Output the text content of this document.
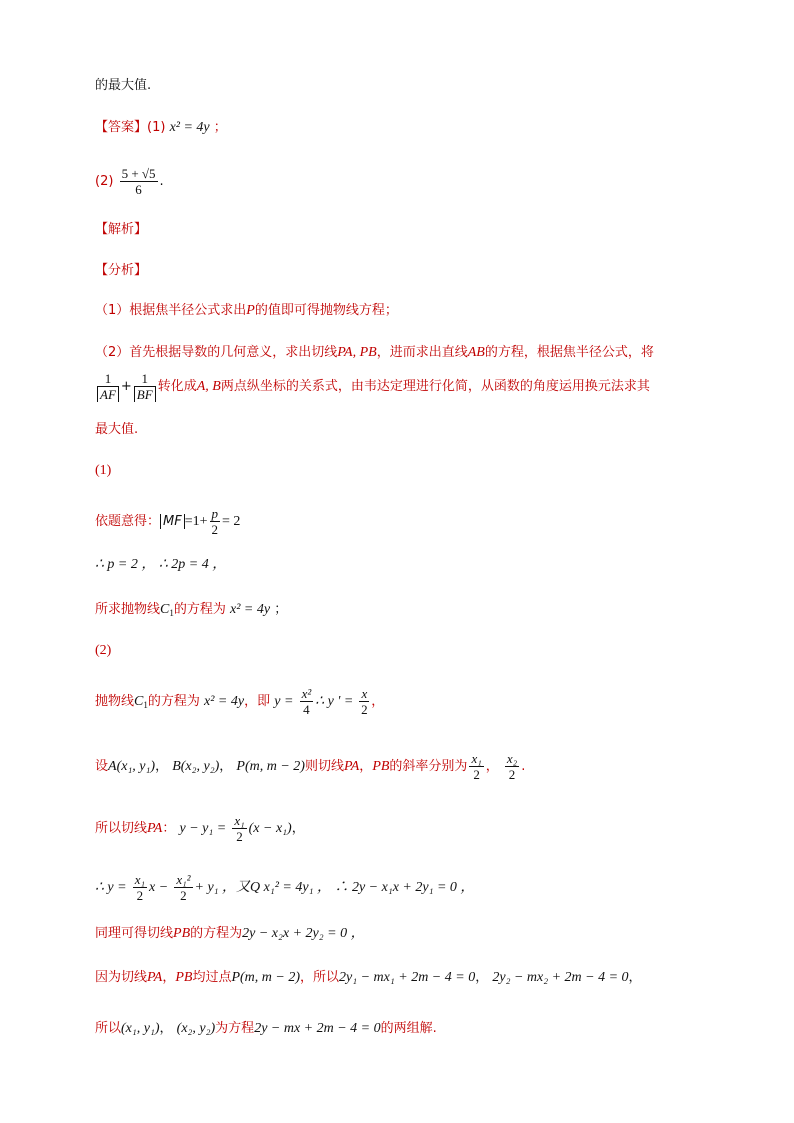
的最大值.
【答案】(1) x² = 4y ；
$(2) \frac{5 + √5}{6}$ .
【解析】
【分析】
（1）根据焦半径公式求出P的值即可得抛物线方程；
（2）首先根据导数的几何意义，求出切线PA, PB，进而求出直线AB的方程，根据焦半径公式，将
$\frac{1}{AF} + \frac{1}{BF}$ 转化成A, B两点纵坐标的关系式，由韦达定理进行化简，从函数的角度运用换元法求其
最大值.
(1)
依题意得： MF $=1+ \frac{p}{2} = 2$
∴ p = 2 ， ∴ 2p = 4 ，
所求抛物线$C_1$的方程为 x² = 4y ；
(2)
抛物线$C_1$的方程为 x² = 4y，即 $y = \frac{\text{x²}}{4}$ ∴ y ' = $\frac{x}{2}$ ，
设A(x₁, y₁)， B(x₂, y₂)， P(m, m − 2)则切线PA，PB的斜率分别为 $\frac{\text{x₁}}{2}$ ， $\frac{\text{x₂}}{2}$ .
所以切线PA： $y - y_1 = \frac{\text{x₁}}{2} (x - x_1)$，
∴ $y = \frac{\text{x₁}}{2}$ $x - \frac{\text{x₁²}}{2} + y_1$ ，又Q x₁² = 4y₁ ， ∴ 2y − x₁x + 2y₁ = 0 ，
同理可得切线PB的方程为2y − x₂x + 2y₂ = 0 ，
因为切线PA，PB均过点P(m, m − 2)，所以2y₁ − mx₁ + 2m − 4 = 0， 2y₂ − mx₂ + 2m − 4 = 0，
所以(x₁, y₁)， (x₂, y₂)为方程2y − mx + 2m − 4 = 0的两组解.
